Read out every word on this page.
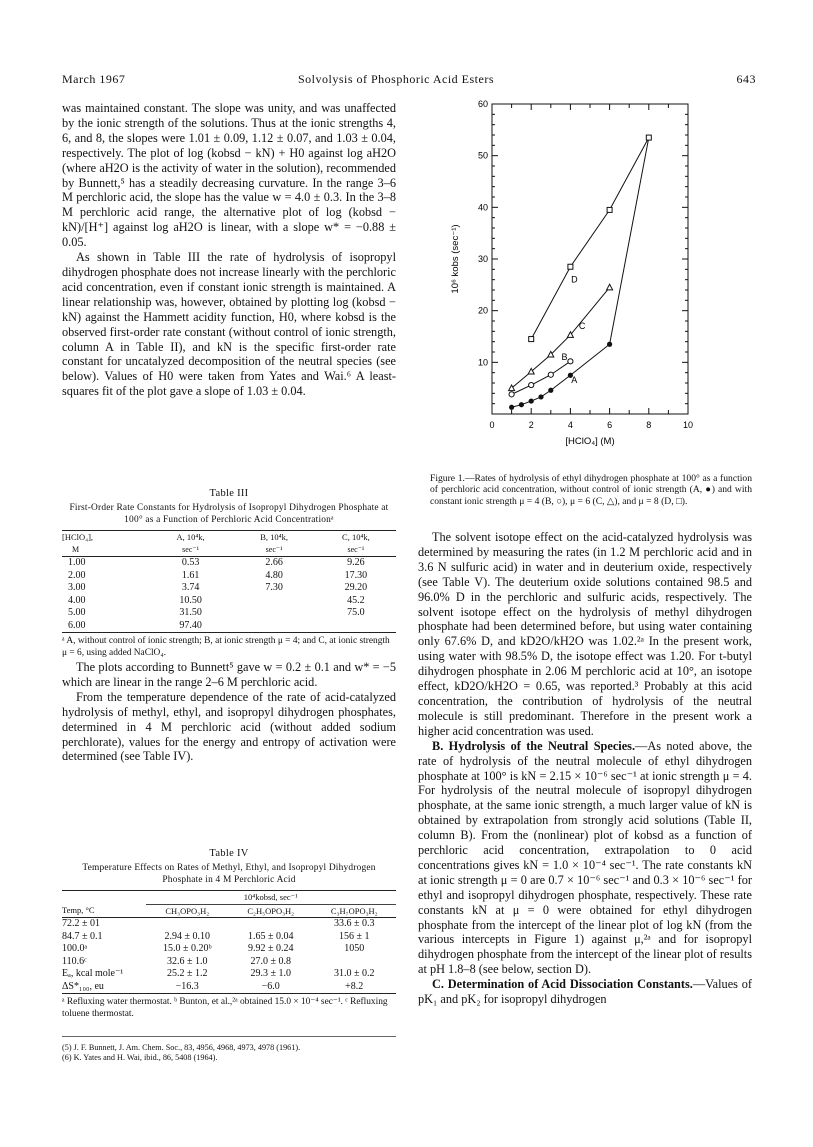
March 1967	Solvolysis of Phosphoric Acid Esters	643

was maintained constant. The slope was unity, and was unaffected by the ionic strength of the solutions. Thus at the ionic strengths 4, 6, and 8, the slopes were 1.01 ± 0.09, 1.12 ± 0.07, and 1.03 ± 0.04, respectively. The plot of log (kobsd − kN) + H0 against log aH2O (where aH2O is the activity of water in the solution), recommended by Bunnett,⁵ has a steadily decreasing curvature. In the range 3–6 M perchloric acid, the slope has the value w = 4.0 ± 0.3. In the 3–8 M perchloric acid range, the alternative plot of log (kobsd − kN)/[H⁺] against log aH2O is linear, with a slope w* = −0.88 ± 0.05.

As shown in Table III the rate of hydrolysis of isopropyl dihydrogen phosphate does not increase linearly with the perchloric acid concentration, even if constant ionic strength is maintained. A linear relationship was, however, obtained by plotting log (kobsd − kN) against the Hammett acidity function, H0, where kobsd is the observed first-order rate constant (without control of ionic strength, column A in Table II), and kN is the specific first-order rate constant for uncatalyzed decomposition of the neutral species (see below). Values of H0 were taken from Yates and Wai.⁶ A least-squares fit of the plot gave a slope of 1.03 ± 0.04.

Table III

First-Order Rate Constants for Hydrolysis of Isopropyl Dihydrogen Phosphate at 100° as a Function of Perchloric Acid Concentrationᵃ

[HClO₄],	A, 10⁴k,	B, 10⁴k,	C, 10⁴k,
M	sec⁻¹	sec⁻¹	sec⁻¹
1.00	0.53	2.66	9.26
2.00	1.61	4.80	17.30
3.00	3.74	7.30	29.20
4.00	10.50		45.2
5.00	31.50		75.0
6.00	97.40		

ᵃ A, without control of ionic strength; B, at ionic strength μ = 4; and C, at ionic strength μ = 6, using added NaClO₄.

The plots according to Bunnett⁵ gave w = 0.2 ± 0.1 and w* = −5 which are linear in the range 2–6 M perchloric acid.

From the temperature dependence of the rate of acid-catalyzed hydrolysis of methyl, ethyl, and isopropyl dihydrogen phosphates, determined in 4 M perchloric acid (without added sodium perchlorate), values for the energy and entropy of activation were determined (see Table IV).

Table IV

Temperature Effects on Rates of Methyl, Ethyl, and Isopropyl Dihydrogen Phosphate in 4 M Perchloric Acid

	10⁴kobsd, sec⁻¹		
Temp, °C	CH₃OPO₃H₂	C₂H₅OPO₃H₂	C₃H₇OPO₃H₂
72.2 ± 01			33.6 ± 0.3
84.7 ± 0.1	2.94 ± 0.10	1.65 ± 0.04	156 ± 1
100.0ᵃ	15.0 ± 0.20ᵇ	9.92 ± 0.24	1050
110.6ᶜ	32.6 ± 1.0	27.0 ± 0.8	
Eₐ, kcal mole⁻¹	25.2 ± 1.2	29.3 ± 1.0	31.0 ± 0.2
ΔS*₁₀₀, eu	−16.3	−6.0	+8.2

ᵃ Refluxing water thermostat. ᵇ Bunton, et al.,²ᵃ obtained 15.0 × 10⁻⁴ sec⁻¹. ᶜ Refluxing toluene thermostat.

(5) J. F. Bunnett, J. Am. Chem. Soc., 83, 4956, 4968, 4973, 4978 (1961).
(6) K. Yates and H. Wai, ibid., 86, 5408 (1964).
0	2	4	6	8	10
10
20
30
40
50
60
[HClO₄] (M)
10⁶ kobs (sec⁻¹)
A
B
C
D
Figure 1.—Rates of hydrolysis of ethyl dihydrogen phosphate at 100° as a function of perchloric acid concentration, without control of ionic strength (A, ●) and with constant ionic strength μ = 4 (B, ○), μ = 6 (C, △), and μ = 8 (D, □).

The solvent isotope effect on the acid-catalyzed hydrolysis was determined by measuring the rates (in 1.2 M perchloric acid and in 3.6 N sulfuric acid) in water and in deuterium oxide, respectively (see Table V). The deuterium oxide solutions contained 98.5 and 96.0% D in the perchloric and sulfuric acids, respectively. The solvent isotope effect on the hydrolysis of methyl dihydrogen phosphate had been determined before, but using water containing only 67.6% D, and kD2O/kH2O was 1.02.²ᵃ In the present work, using water with 98.5% D, the isotope effect was 1.20. For t-butyl dihydrogen phosphate in 2.06 M perchloric acid at 10°, an isotope effect, kD2O/kH2O = 0.65, was reported.³ Probably at this acid concentration, the contribution of hydrolysis of the neutral molecule is still predominant. Therefore in the present work a higher acid concentration was used.

B. Hydrolysis of the Neutral Species.—As noted above, the rate of hydrolysis of the neutral molecule of ethyl dihydrogen phosphate at 100° is kN = 2.15 × 10⁻⁶ sec⁻¹ at ionic strength μ = 4. For hydrolysis of the neutral molecule of isopropyl dihydrogen phosphate, at the same ionic strength, a much larger value of kN is obtained by extrapolation from strongly acid solutions (Table II, column B). From the (nonlinear) plot of kobsd as a function of perchloric acid concentration, extrapolation to 0 acid concentrations gives kN = 1.0 × 10⁻⁴ sec⁻¹. The rate constants kN at ionic strength μ = 0 are 0.7 × 10⁻⁶ sec⁻¹ and 0.3 × 10⁻⁶ sec⁻¹ for ethyl and isopropyl dihydrogen phosphate, respectively. These rate constants kN at μ = 0 were obtained for ethyl dihydrogen phosphate from the intercept of the linear plot of log kN (from the various intercepts in Figure 1) against μ,²ᵃ and for isopropyl dihydrogen phosphate from the intercept of the linear plot of results at pH 1.8–8 (see below, section D).

C. Determination of Acid Dissociation Constants.—Values of pK₁ and pK₂ for isopropyl dihydrogen
